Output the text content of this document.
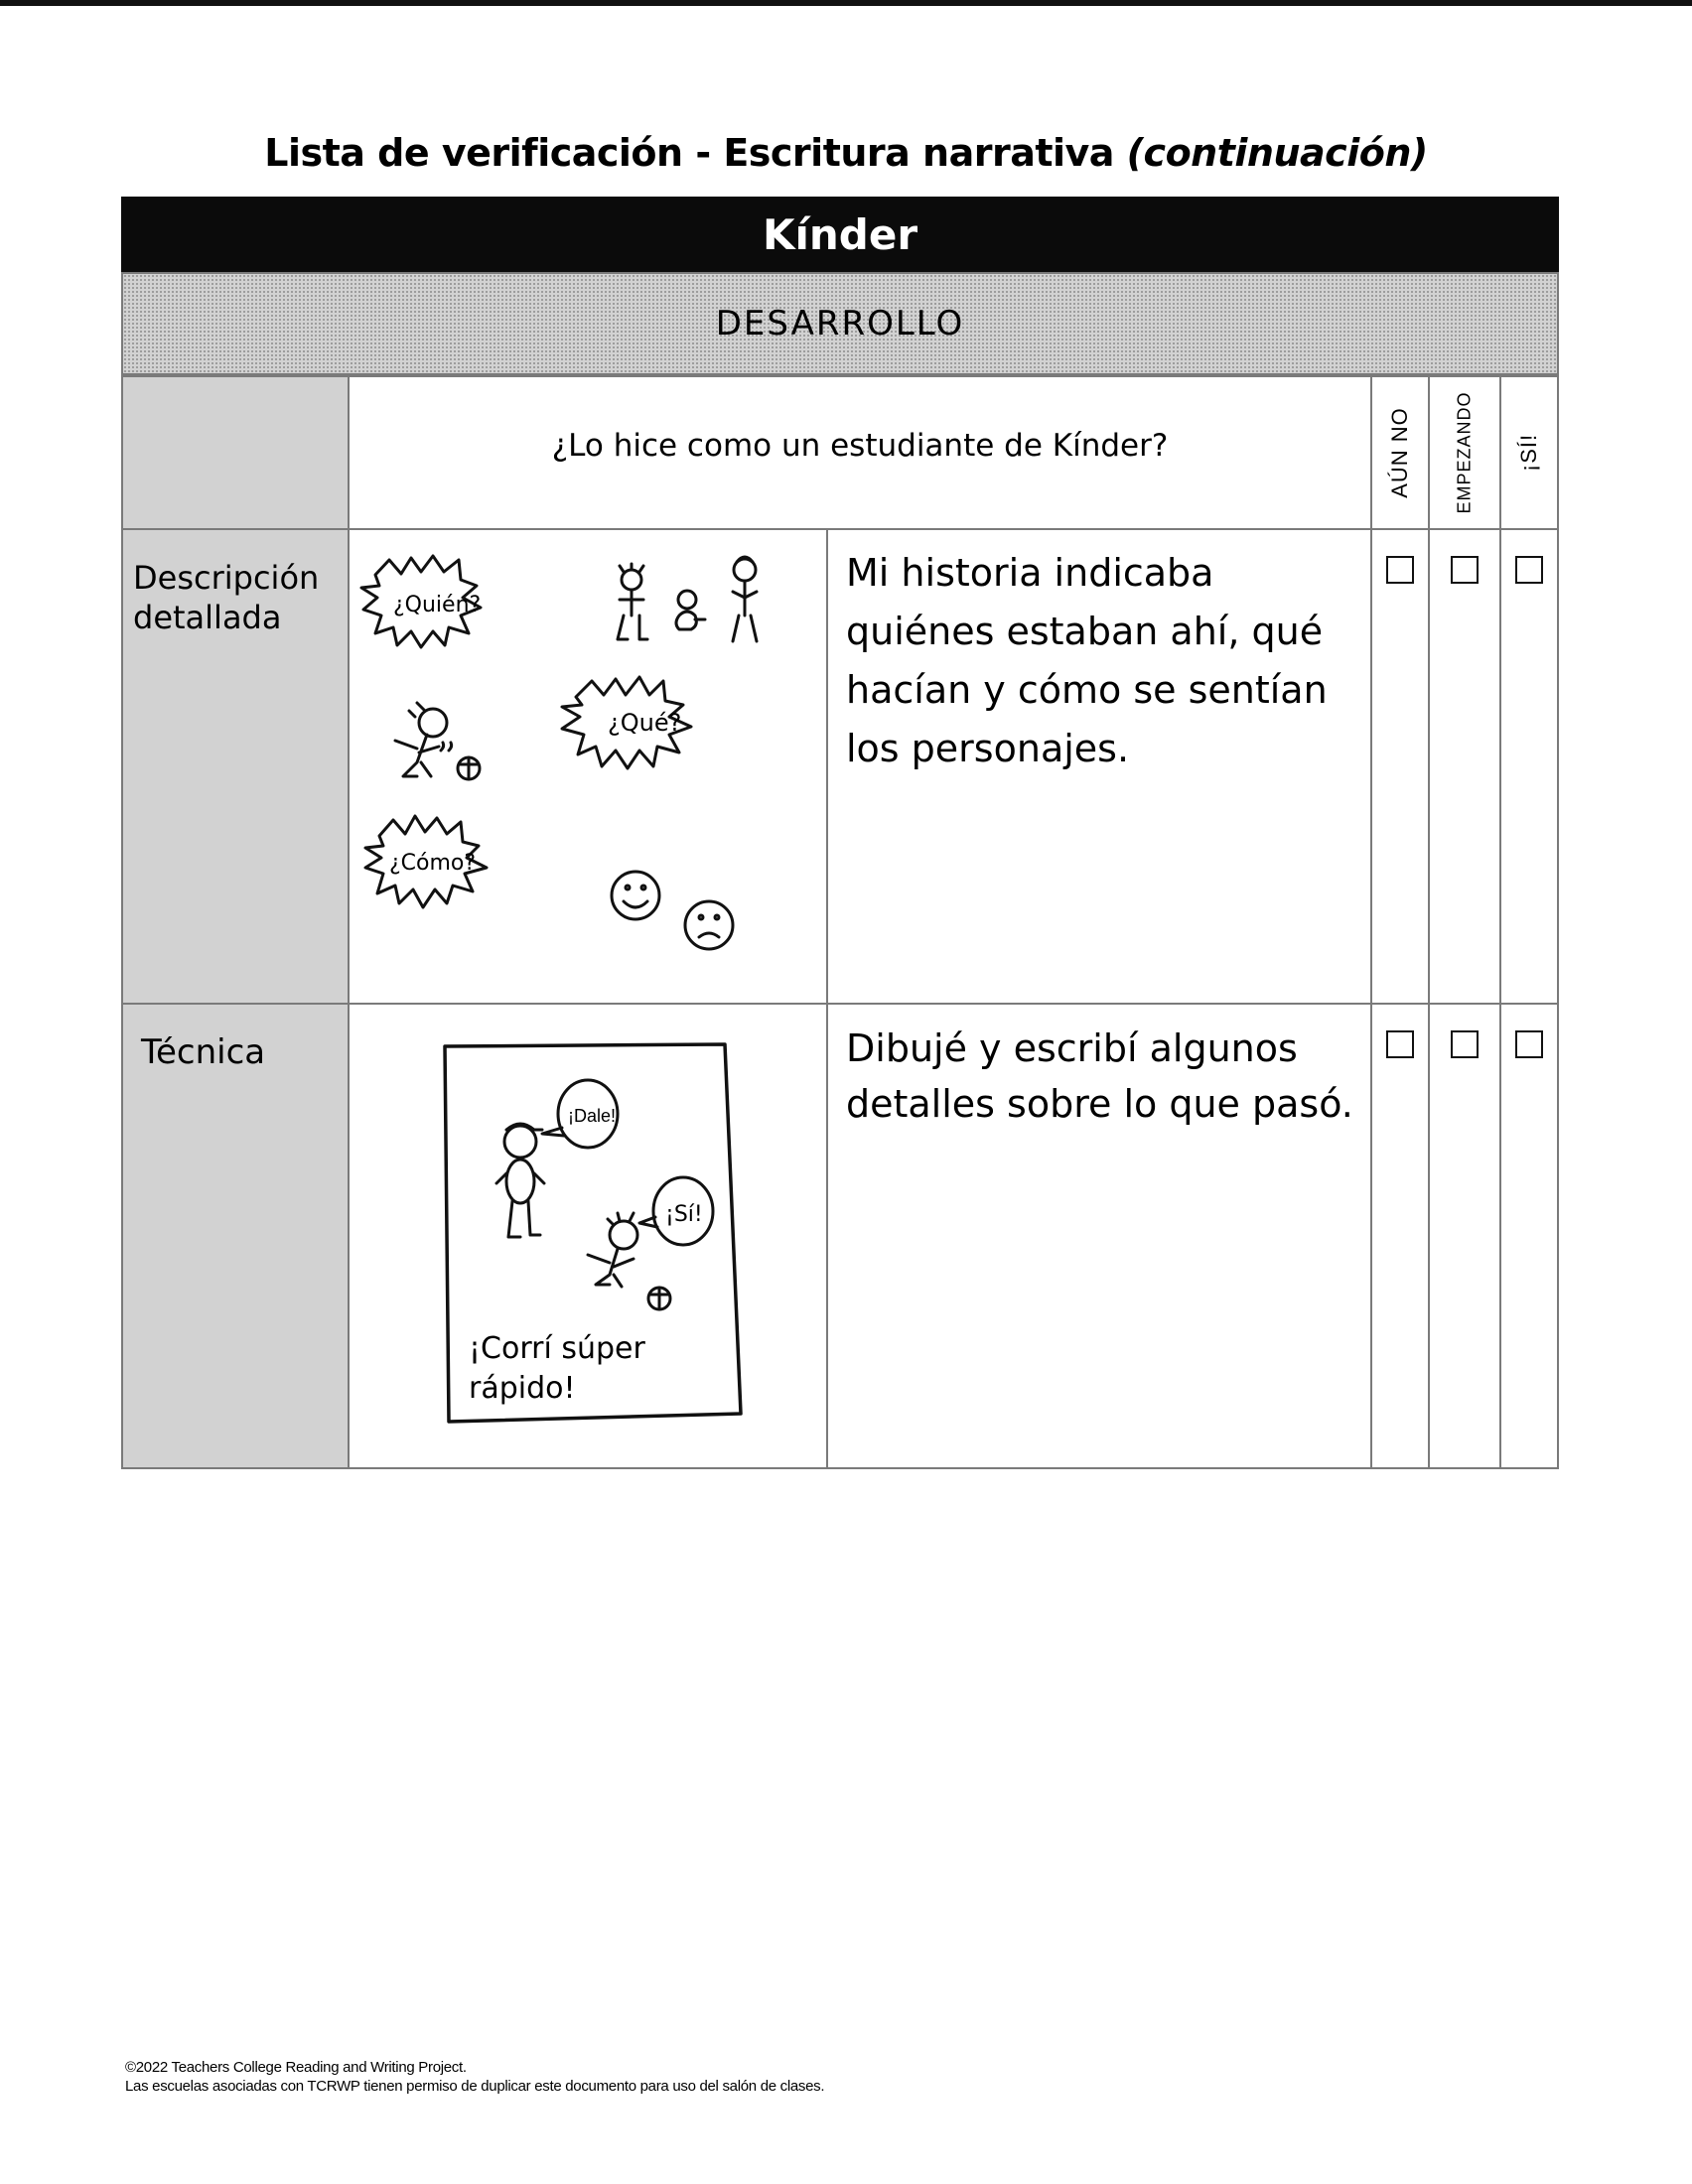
Lista de verificación - Escritura narrativa (continuación)
Kínder
DESARROLLO
¿Lo hice como un estudiante de Kínder?	AÚN NO EMPEZANDO ¡SÍ!
Descripción
detallada	¿Quién?
¿Qué?
¿Cómo?
Mi historia indicaba quiénes estaban ahí, qué hacían y cómo se sentían los personajes.
Técnica
¡Dale!
¡Sí!
¡Corrí súper
rápido!
Dibujé y escribí algunos detalles sobre lo que pasó.
©2022 Teachers College Reading and Writing Project.
Las escuelas asociadas con TCRWP tienen permiso de duplicar este documento para uso del salón de clases.
